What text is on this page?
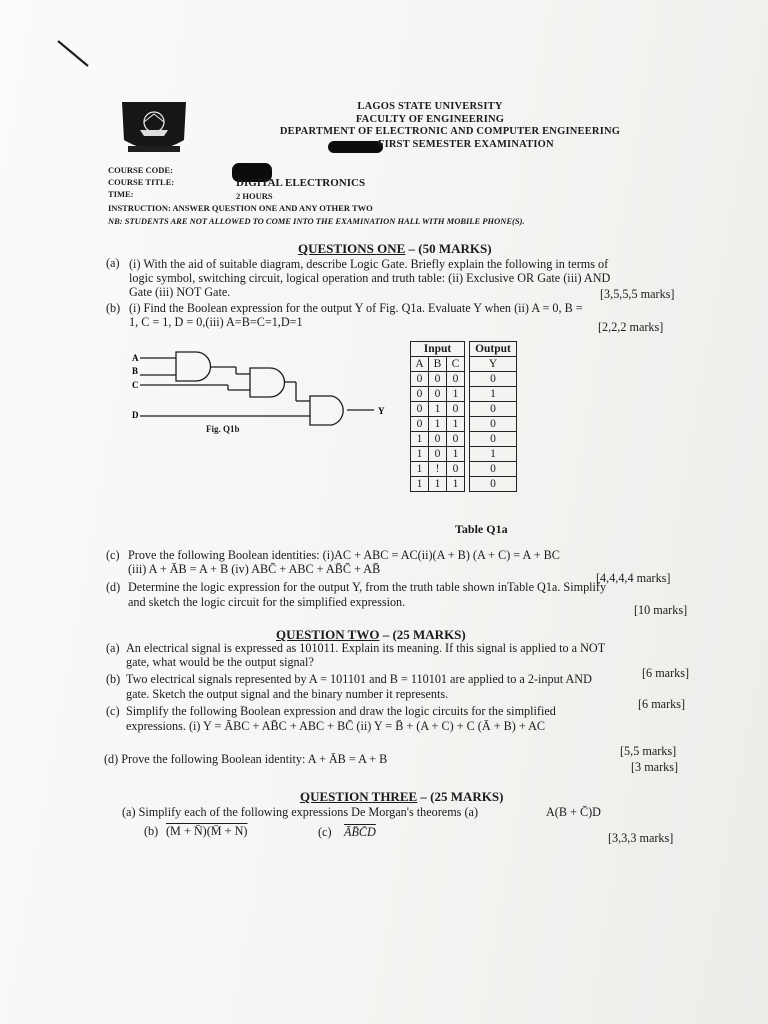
LAGOS STATE UNIVERSITY
FACULTY OF ENGINEERING
DEPARTMENT OF ELECTRONIC AND COMPUTER ENGINEERING
FIRST SEMESTER EXAMINATION
COURSE CODE:
COURSE TITLE:
TIME:
DIGITAL ELECTRONICS
2 HOURS
INSTRUCTION: ANSWER QUESTION ONE AND ANY OTHER TWO
NB: STUDENTS ARE NOT ALLOWED TO COME INTO THE EXAMINATION HALL WITH MOBILE PHONE(S).
QUESTIONS ONE – (50 MARKS)
(a) (i) With the aid of suitable diagram, describe Logic Gate. Briefly explain the following in terms of
logic symbol, switching circuit, logical operation and truth table: (ii) Exclusive OR Gate (iii) AND
Gate (iii) NOT Gate.	[3,5,5,5 marks]
(b) (i) Find the Boolean expression for the output Y of Fig. Q1a. Evaluate Y when (ii) A = 0, B =
1, C = 1, D = 0,(iii) A=B=C=1,D=1	[2,2,2 marks]
A
B
C
D	Y
Fig. Q1b
Input				Output
A	B	C		Y
0	0	0		0
0	0	1		1
0	1	0		0
0	1	1		0
1	0	0		0
1	0	1		1
1	!	0		0
1	1	1		0
Table Q1a
(c) Prove the following Boolean identities: (i)AC + ABC = AC(ii)(A + B) (A + C) = A + BC
(iii) A + ĀB = A + B (iv) ABC̄ + ABC + AB̄C̄ + AB̄
[4,4,4,4 marks]
(d) Determine the logic expression for the output Y, from the truth table shown inTable Q1a. Simplify
and sketch the logic circuit for the simplified expression.
[10 marks]
QUESTION TWO – (25 MARKS)
(a) An electrical signal is expressed as 101011. Explain its meaning. If this signal is applied to a NOT
gate, what would be the output signal?
[6 marks]
(b) Two electrical signals represented by A = 101101 and B = 110101 are applied to a 2-input AND
gate. Sketch the output signal and the binary number it represents.
[6 marks]
(c) Simplify the following Boolean expression and draw the logic circuits for the simplified
expressions. (i) Y = ĀBC + AB̄C + ABC + BC̄ (ii) Y = B̄ + (A + C) + C (Ā + B) + AC
[5,5 marks]
(d) Prove the following Boolean identity: A + ĀB = A + B
[3 marks]
QUESTION THREE – (25 MARKS)
(a) Simplify each of the following expressions De Morgan's theorems (a)	A(B + C̄)D
(b) (M + N̄)(M̄ + N)	(c) ĀB̄C̄D	[3,3,3 marks]
